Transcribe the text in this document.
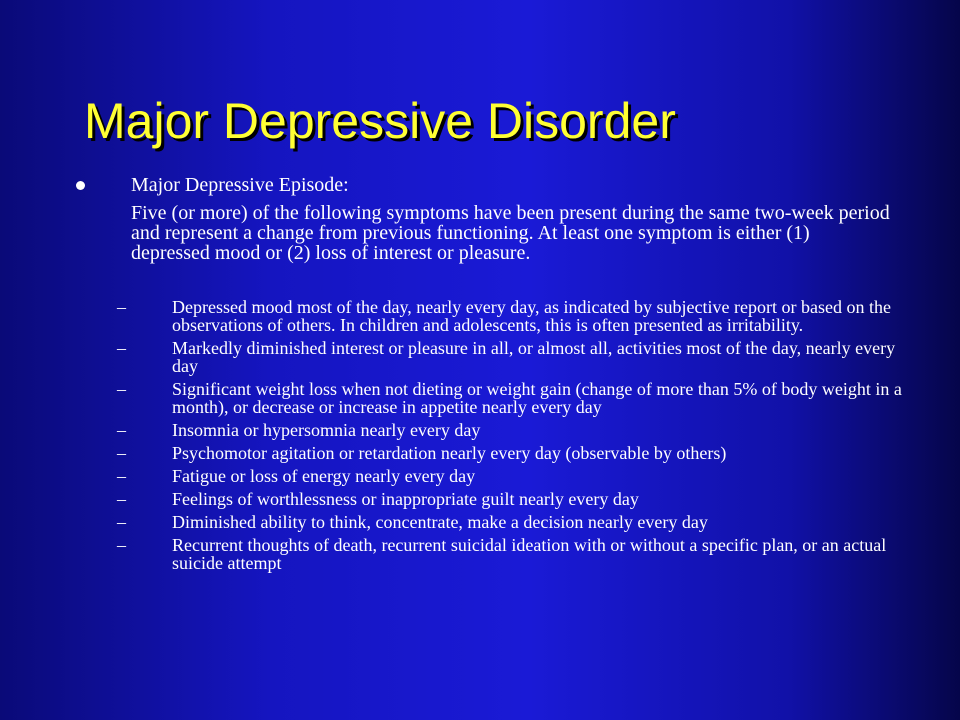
Major Depressive Disorder
Major Depressive Episode:
Five (or more) of the following symptoms have been present during the same two-week period and represent a change from previous functioning. At least one symptom is either (1) depressed mood or (2) loss of interest or pleasure.
–	Depressed mood most of the day, nearly every day, as indicated by subjective report or based on the observations of others. In children and adolescents, this is often presented as irritability.
–	Markedly diminished interest or pleasure in all, or almost all, activities most of the day, nearly every day
–	Significant weight loss when not dieting or weight gain (change of more than 5% of body weight in a month), or decrease or increase in appetite nearly every day
–	Insomnia or hypersomnia nearly every day
–	Psychomotor agitation or retardation nearly every day (observable by others)
–	Fatigue or loss of energy nearly every day
–	Feelings of worthlessness or inappropriate guilt nearly every day
–	Diminished ability to think, concentrate, make a decision nearly every day
–	Recurrent thoughts of death, recurrent suicidal ideation with or without a specific plan, or an actual suicide attempt
